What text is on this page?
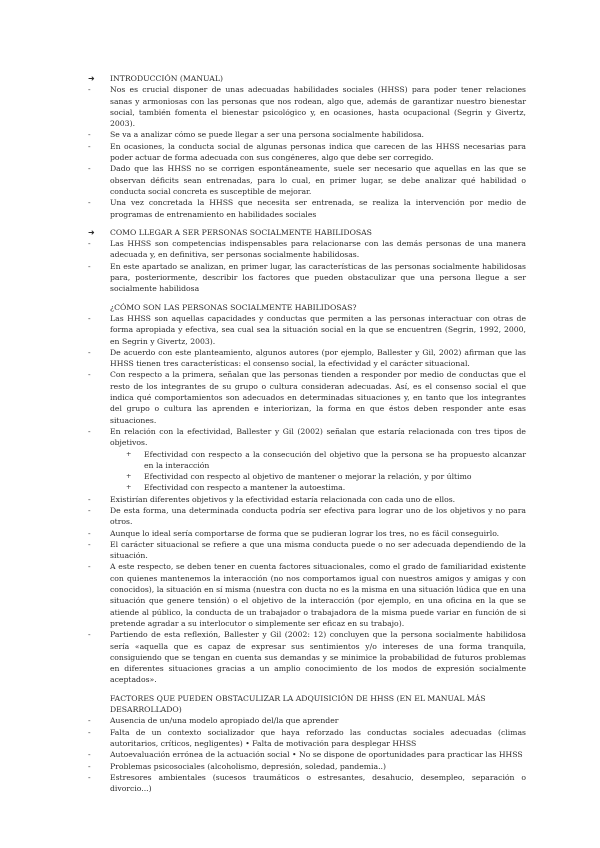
➜ INTRODUCCIÓN (MANUAL)
-	Nos es crucial disponer de unas adecuadas habilidades sociales (HHSS) para poder tener relaciones sanas y armoniosas con las personas que nos rodean, algo que, además de garantizar nuestro bienestar social, también fomenta el bienestar psicológico y, en ocasiones, hasta ocupacional (Segrin y Givertz, 2003).
-	Se va a analizar cómo se puede llegar a ser una persona socialmente habilidosa.
-	En ocasiones, la conducta social de algunas personas indica que carecen de las HHSS necesarias para poder actuar de forma adecuada con sus congéneres, algo que debe ser corregido.
-	Dado que las HHSS no se corrigen espontáneamente, suele ser necesario que aquellas en las que se observan déficits sean entrenadas, para lo cual, en primer lugar, se debe analizar qué habilidad o conducta social concreta es susceptible de mejorar.
-	Una vez concretada la HHSS que necesita ser entrenada, se realiza la intervención por medio de programas de entrenamiento en habilidades sociales
➜ COMO LLEGAR A SER PERSONAS SOCIALMENTE HABILIDOSAS
-	Las HHSS son competencias indispensables para relacionarse con las demás personas de una manera adecuada y, en definitiva, ser personas socialmente habilidosas.
-	En este apartado se analizan, en primer lugar, las características de las personas socialmente habilidosas para, posteriormente, describir los factores que pueden obstaculizar que una persona llegue a ser socialmente habilidosa
¿CÓMO SON LAS PERSONAS SOCIALMENTE HABILIDOSAS?
-	Las HHSS son aquellas capacidades y conductas que permiten a las personas interactuar con otras de forma apropiada y efectiva, sea cual sea la situación social en la que se encuentren (Segrin, 1992, 2000, en Segrin y Givertz, 2003).
-	De acuerdo con este planteamiento, algunos autores (por ejemplo, Ballester y Gil, 2002) afirman que las HHSS tienen tres características: el consenso social, la efectividad y el carácter situacional.
-	Con respecto a la primera, señalan que las personas tienden a responder por medio de conductas que el resto de los integrantes de su grupo o cultura consideran adecuadas. Así, es el consenso social el que indica qué comportamientos son adecuados en determinadas situaciones y, en tanto que los integrantes del grupo o cultura las aprenden e interiorizan, la forma en que éstos deben responder ante esas situaciones.
-	En relación con la efectividad, Ballester y Gil (2002) señalan que estaría relacionada con tres tipos de objetivos.
+ Efectividad con respecto a la consecución del objetivo que la persona se ha propuesto alcanzar en la interacción
+ Efectividad con respecto al objetivo de mantener o mejorar la relación, y por último
+ Efectividad con respecto a mantener la autoestima.
-	Existirían diferentes objetivos y la efectividad estaría relacionada con cada uno de ellos.
-	De esta forma, una determinada conducta podría ser efectiva para lograr uno de los objetivos y no para otros.
-	Aunque lo ideal sería comportarse de forma que se pudieran lograr los tres, no es fácil conseguirlo.
-	El carácter situacional se refiere a que una misma conducta puede o no ser adecuada dependiendo de la situación.
-	A este respecto, se deben tener en cuenta factores situacionales, como el grado de familiaridad existente con quienes mantenemos la interacción (no nos comportamos igual con nuestros amigos y amigas y con conocidos), la situación en sí misma (nuestra con ducta no es la misma en una situación lúdica que en una situación que genere tensión) o el objetivo de la interacción (por ejemplo, en una oficina en la que se atiende al público, la conducta de un trabajador o trabajadora de la misma puede variar en función de si pretende agradar a su interlocutor o simplemente ser eficaz en su trabajo).
-	Partiendo de esta reflexión, Ballester y Gil (2002: 12) concluyen que la persona socialmente habilidosa sería «aquella que es capaz de expresar sus sentimientos y/o intereses de una forma tranquila, consiguiendo que se tengan en cuenta sus demandas y se minimice la probabilidad de futuros problemas en diferentes situaciones gracias a un amplio conocimiento de los modos de expresión socialmente aceptados».
FACTORES QUE PUEDEN OBSTACULIZAR LA ADQUISICIÓN DE HHSS (EN EL MANUAL MÁS DESARROLLADO)
-	Ausencia de un/una modelo apropiado del/la que aprender
-	Falta de un contexto socializador que haya reforzado las conductas sociales adecuadas (climas autoritarios, críticos, negligentes) • Falta de motivación para desplegar HHSS
-	Autoevaluación errónea de la actuación social • No se dispone de oportunidades para practicar las HHSS
-	Problemas psicosociales (alcoholismo, depresión, soledad, pandemia..)
-	Estresores ambientales (sucesos traumáticos o estresantes, desahucio, desempleo, separación o divorcio...)
